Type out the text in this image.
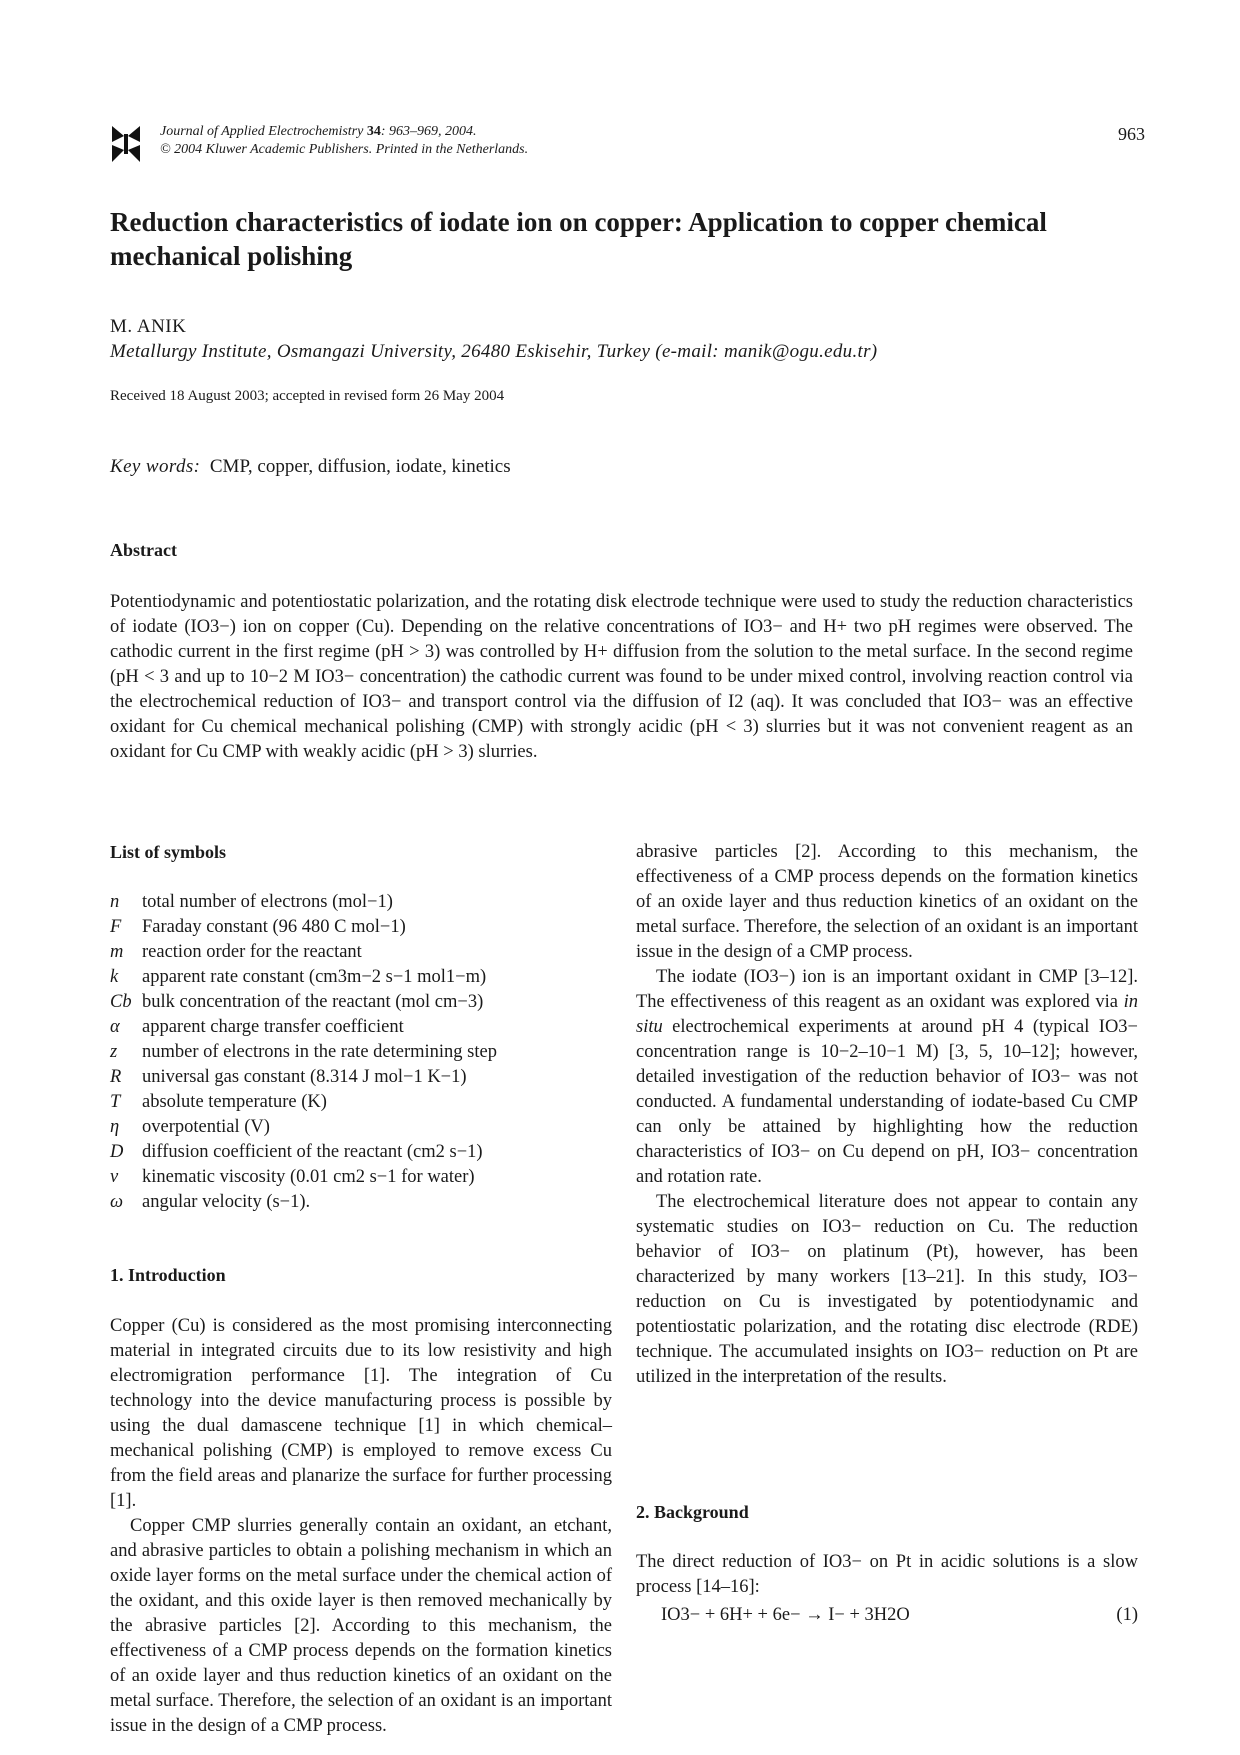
Journal of Applied Electrochemistry 34: 963–969, 2004.
© 2004 Kluwer Academic Publishers. Printed in the Netherlands.
963
Reduction characteristics of iodate ion on copper: Application to copper chemical mechanical polishing
M. ANIK
Metallurgy Institute, Osmangazi University, 26480 Eskisehir, Turkey (e-mail: manik@ogu.edu.tr)
Received 18 August 2003; accepted in revised form 26 May 2004
Key words: CMP, copper, diffusion, iodate, kinetics
Abstract
Potentiodynamic and potentiostatic polarization, and the rotating disk electrode technique were used to study the reduction characteristics of iodate (IO3−) ion on copper (Cu). Depending on the relative concentrations of IO3− and H+ two pH regimes were observed. The cathodic current in the first regime (pH > 3) was controlled by H+ diffusion from the solution to the metal surface. In the second regime (pH < 3 and up to 10−2 M IO3− concentration) the cathodic current was found to be under mixed control, involving reaction control via the electrochemical reduction of IO3− and transport control via the diffusion of I2 (aq). It was concluded that IO3− was an effective oxidant for Cu chemical mechanical polishing (CMP) with strongly acidic (pH < 3) slurries but it was not convenient reagent as an oxidant for Cu CMP with weakly acidic (pH > 3) slurries.
List of symbols
n	total number of electrons (mol−1)
F	Faraday constant (96 480 C mol−1)
m	reaction order for the reactant
k	apparent rate constant (cm3m−2 s−1 mol1−m)
Cb bulk concentration of the reactant (mol cm−3)
α	apparent charge transfer coefficient
z	number of electrons in the rate determining step
R	universal gas constant (8.314 J mol−1 K−1)
T	absolute temperature (K)
η	overpotential (V)
D	diffusion coefficient of the reactant (cm2 s−1)
ν	kinematic viscosity (0.01 cm2 s−1 for water)
ω	angular velocity (s−1).
1. Introduction

Copper (Cu) is considered as the most promising interconnecting material in integrated circuits due to its low resistivity and high electromigration performance [1]. The integration of Cu technology into the device manufacturing process is possible by using the dual damascene technique [1] in which chemical–mechanical polishing (CMP) is employed to remove excess Cu from the field areas and planarize the surface for further processing [1].

Copper CMP slurries generally contain an oxidant, an etchant, and abrasive particles to obtain a polishing mechanism in which an oxide layer forms on the metal surface under the chemical action of the oxidant, and this oxide layer is then removed mechanically by the abrasive particles [2]. According to this mechanism, the effectiveness of a CMP process depends on the formation kinetics of an oxide layer and thus reduction kinetics of an oxidant on the metal surface. Therefore, the selection of an oxidant is an important issue in the design of a CMP process.

abrasive particles [2]. According to this mechanism, the effectiveness of a CMP process depends on the formation kinetics of an oxide layer and thus reduction kinetics of an oxidant on the metal surface. Therefore, the selection of an oxidant is an important issue in the design of a CMP process.

The iodate (IO3−) ion is an important oxidant in CMP [3–12]. The effectiveness of this reagent as an oxidant was explored via in situ electrochemical experiments at around pH 4 (typical IO3− concentration range is 10−2–10−1 M) [3, 5, 10–12]; however, detailed investigation of the reduction behavior of IO3− was not conducted. A fundamental understanding of iodate-based Cu CMP can only be attained by highlighting how the reduction characteristics of IO3− on Cu depend on pH, IO3− concentration and rotation rate.

The electrochemical literature does not appear to contain any systematic studies on IO3− reduction on Cu. The reduction behavior of IO3− on platinum (Pt), however, has been characterized by many workers [13–21]. In this study, IO3− reduction on Cu is investigated by potentiodynamic and potentiostatic polarization, and the rotating disc electrode (RDE) technique. The accumulated insights on IO3− reduction on Pt are utilized in the interpretation of the results.

2. Background

The direct reduction of IO3− on Pt in acidic solutions is a slow process [14–16]:

IO3− + 6H+ + 6e− → I− + 3H2O	(1)
